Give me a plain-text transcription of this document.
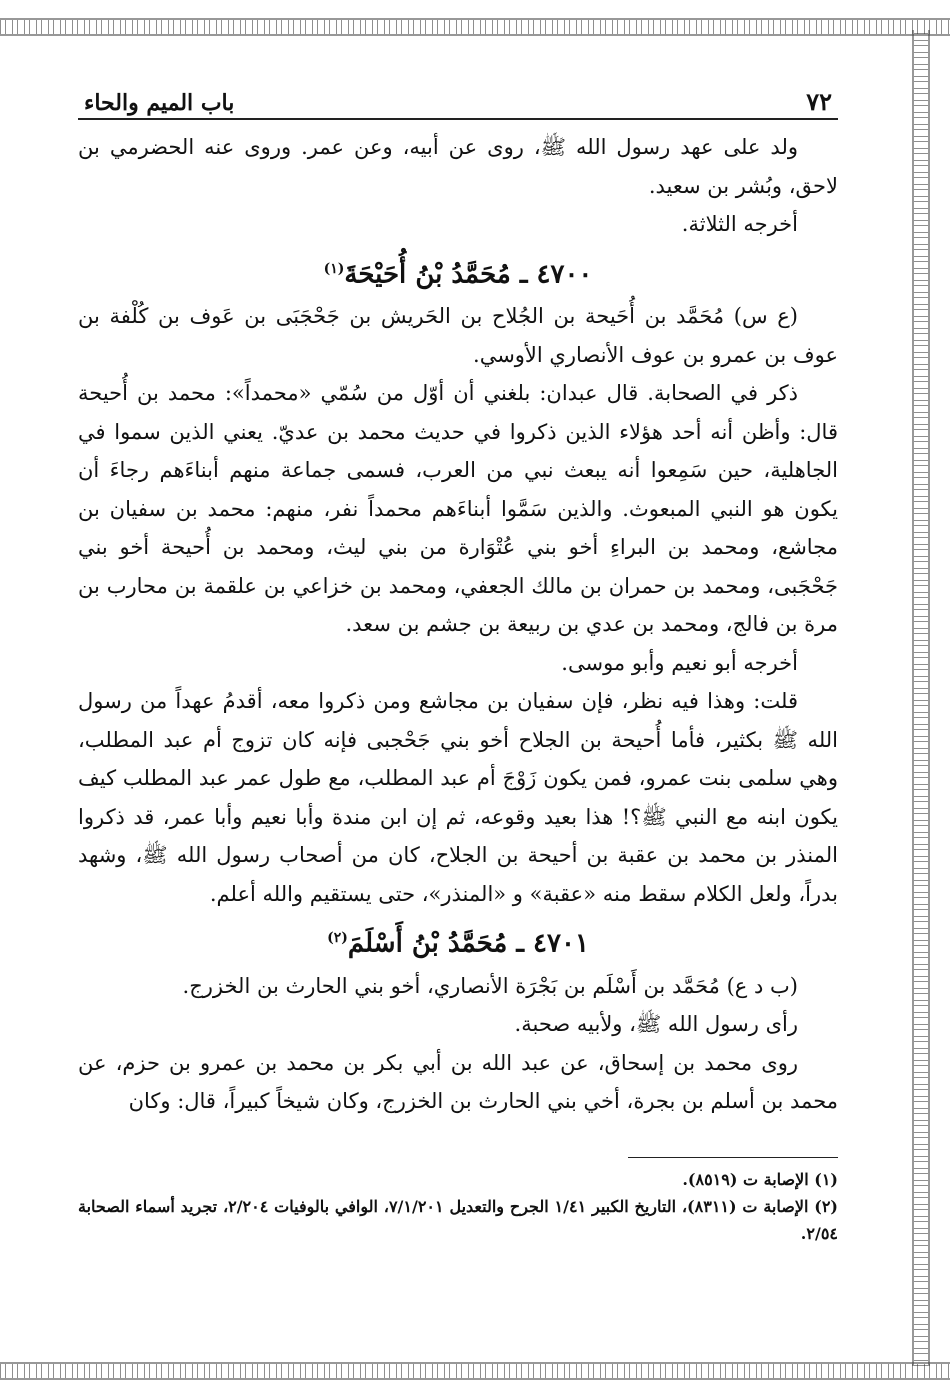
٧٢
باب الميم والحاء

ولد على عهد رسول الله ﷺ، روى عن أبيه، وعن عمر. وروى عنه الحضرمي بن لاحق، وبُشر بن سعيد.

أخرجه الثلاثة.

٤٧٠٠ ـ مُحَمَّدُ بْنُ أُحَيْحَةَ$^{(١)}$

(ع س) مُحَمَّد بن أُحَيحة بن الجُلاح بن الحَريش بن جَحْجَبَى بن عَوف بن كُلْفة بن عوف بن عمرو بن عوف الأنصاري الأوسي.

ذكر في الصحابة. قال عبدان: بلغني أن أوّل من سُمّي «محمداً»: محمد بن أُحيحة قال: وأظن أنه أحد هؤلاء الذين ذكروا في حديث محمد بن عديّ. يعني الذين سموا في الجاهلية، حين سَمِعوا أنه يبعث نبي من العرب، فسمى جماعة منهم أبناءَهم رجاءَ أن يكون هو النبي المبعوث. والذين سَمَّوا أبناءَهم محمداً نفر، منهم: محمد بن سفيان بن مجاشع، ومحمد بن البراءِ أخو بني عُتْوَارة من بني ليث، ومحمد بن أُحيحة أخو بني جَحْجَبى، ومحمد بن حمران بن مالك الجعفي، ومحمد بن خزاعي بن علقمة بن محارب بن مرة بن فالج، ومحمد بن عدي بن ربيعة بن جشم بن سعد.

أخرجه أبو نعيم وأبو موسى.

قلت: وهذا فيه نظر، فإن سفيان بن مجاشع ومن ذكروا معه، أقدمُ عهداً من رسول الله ﷺ بكثير، فأما أُحيحة بن الجلاح أخو بني جَحْجبى فإنه كان تزوج أم عبد المطلب، وهي سلمى بنت عمرو، فمن يكون زَوْجَ أم عبد المطلب، مع طول عمر عبد المطلب كيف يكون ابنه مع النبي ﷺ؟! هذا بعيد وقوعه، ثم إن ابن مندة وأبا نعيم وأبا عمر، قد ذكروا المنذر بن محمد بن عقبة بن أحيحة بن الجلاح، كان من أصحاب رسول الله ﷺ، وشهد بدراً، ولعل الكلام سقط منه «عقبة» و «المنذر»، حتى يستقيم والله أعلم.

٤٧٠١ ـ مُحَمَّدُ بْنُ أَسْلَمَ$^{(٢)}$

(ب د ع) مُحَمَّد بن أَسْلَم بن بَجْرَة الأنصاري، أخو بني الحارث بن الخزرج.

رأى رسول الله ﷺ، ولأبيه صحبة.

روى محمد بن إسحاق، عن عبد الله بن أبي بكر بن محمد بن عمرو بن حزم، عن محمد بن أسلم بن بجرة، أخي بني الحارث بن الخزرج، وكان شيخاً كبيراً، قال: وكان

(١) الإصابة ت (٨٥١٩).

(٢) الإصابة ت (٨٣١١)، التاريخ الكبير ١/٤١ الجرح والتعديل ٧/١/٢٠١، الوافي بالوفيات ٢/٢٠٤، تجريد أسماء الصحابة ٢/٥٤.
